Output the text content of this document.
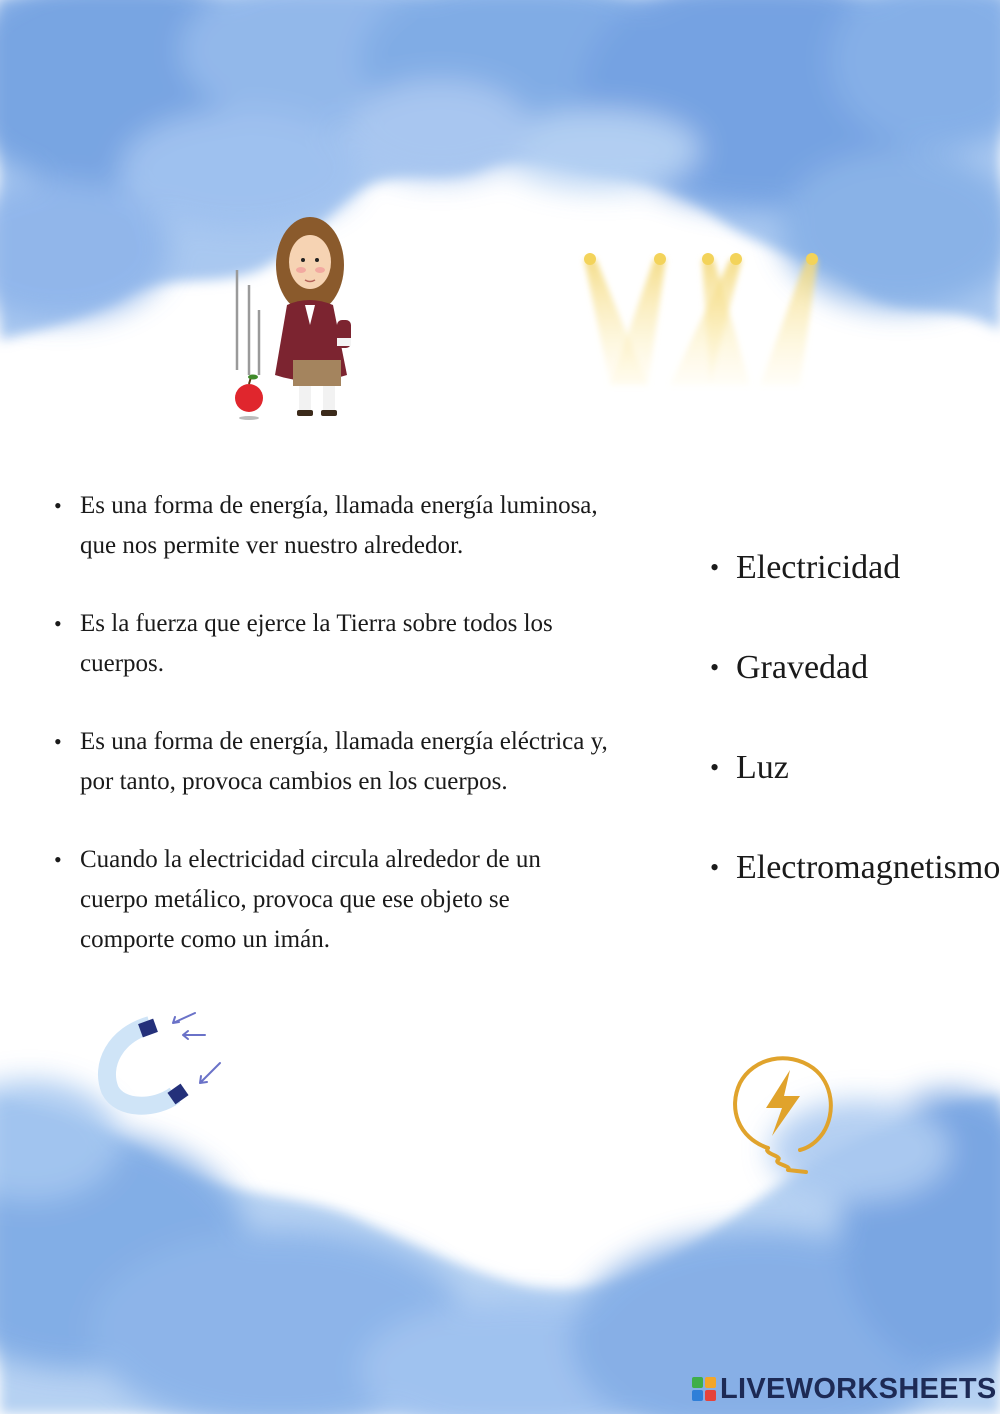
• Es una forma de energía, llamada energía luminosa, que nos permite ver nuestro alrededor.
• Es la fuerza que ejerce la Tierra sobre todos los cuerpos.
• Es una forma de energía, llamada energía eléctrica y, por tanto, provoca cambios en los cuerpos.
• Cuando la electricidad circula alrededor de un cuerpo metálico, provoca que ese objeto se comporte como un imán.
• Electricidad
• Gravedad
• Luz
• Electromagnetismo
LIVEWORKSHEETS
